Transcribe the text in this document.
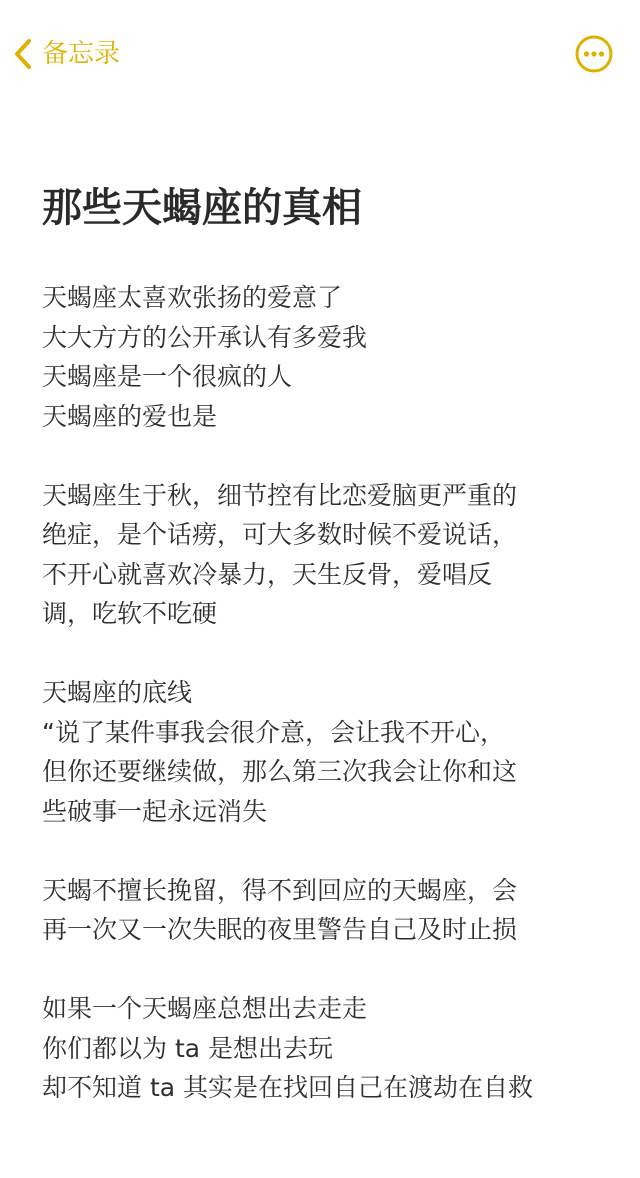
备忘录
那些天蝎座的真相
天蝎座太喜欢张扬的爱意了
大大方方的公开承认有多爱我
天蝎座是一个很疯的人
天蝎座的爱也是
天蝎座生于秋，细节控有比恋爱脑更严重的
绝症，是个话痨，可大多数时候不爱说话，
不开心就喜欢冷暴力，天生反骨，爱唱反
调，吃软不吃硬
天蝎座的底线
“说了某件事我会很介意，会让我不开心，
但你还要继续做，那么第三次我会让你和这
些破事一起永远消失
天蝎不擅长挽留，得不到回应的天蝎座，会
再一次又一次失眠的夜里警告自己及时止损
如果一个天蝎座总想出去走走
你们都以为 ta 是想出去玩
却不知道 ta 其实是在找回自己在渡劫在自救
